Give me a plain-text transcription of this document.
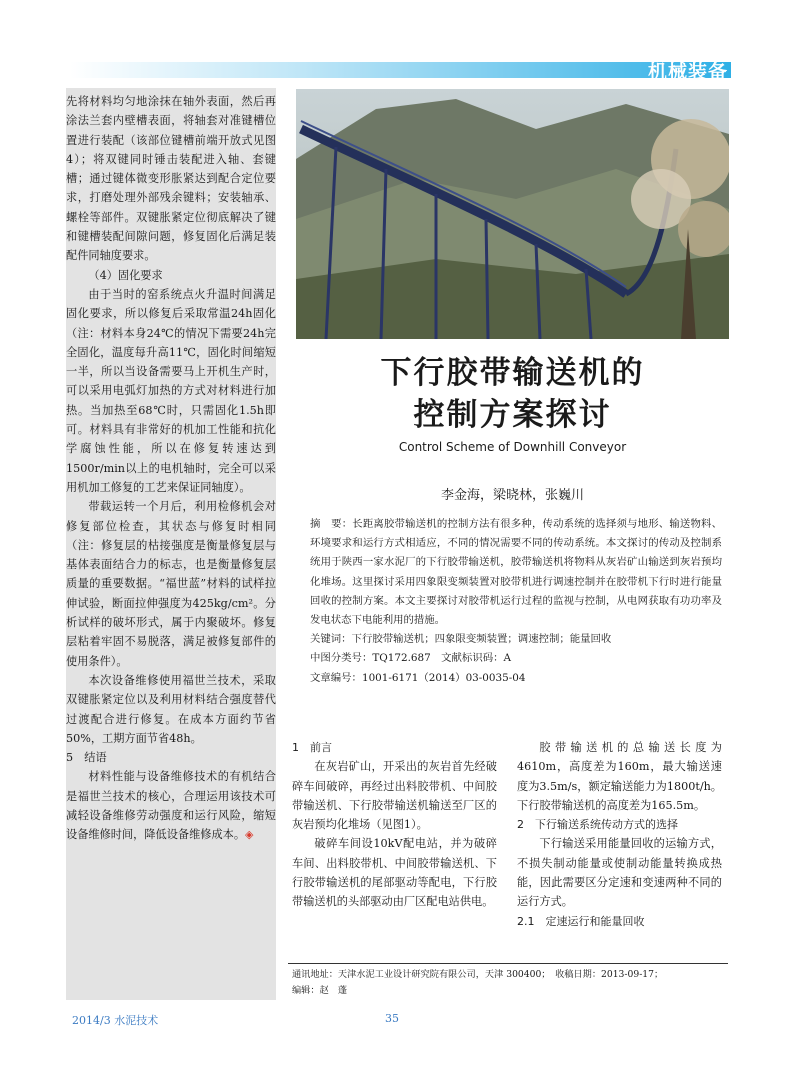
机械装备

先将材料均匀地涂抹在轴外表面，然后再涂法兰套内壁槽表面，将轴套对准键槽位置进行装配（该部位键槽前端开放式见图4）；将双键同时锤击装配进入轴、套键槽；通过键体微变形胀紧达到配合定位要求，打磨处理外部残余键料；安装轴承、螺栓等部件。双键胀紧定位彻底解决了键和键槽装配间隙问题，修复固化后满足装配件同轴度要求。

（4）固化要求

由于当时的窑系统点火升温时间满足固化要求，所以修复后采取常温24h固化（注：材料本身24℃的情况下需要24h完全固化，温度每升高11℃，固化时间缩短一半，所以当设备需要马上开机生产时，可以采用电弧灯加热的方式对材料进行加热。当加热至68℃时，只需固化1.5h即可。材料具有非常好的机加工性能和抗化学腐蚀性能，所以在修复转速达到1500r/min以上的电机轴时，完全可以采用机加工修复的工艺来保证同轴度）。

带载运转一个月后，利用检修机会对修复部位检查，其状态与修复时相同（注：修复层的枯接强度是衡量修复层与基体表面结合力的标志，也是衡量修复层质量的重要数据。“福世蓝”材料的试样拉伸试验，断面拉伸强度为425kg/cm²。分析试样的破坏形式，属于内聚破坏。修复层粘着牢固不易脱落，满足被修复部件的使用条件）。

本次设备维修使用福世兰技术，采取双键胀紧定位以及利用材料结合强度替代过渡配合进行修复。在成本方面约节省50%，工期方面节省48h。

5　结语

材料性能与设备维修技术的有机结合是福世兰技术的核心，合理运用该技术可减轻设备维修劳动强度和运行风险，缩短设备维修时间，降低设备维修成本。◈

下行胶带输送机的

控制方案探讨

Control Scheme of Downhill Conveyor
李金海，梁晓林，张巍川

摘　要：长距离胶带输送机的控制方法有很多种，传动系统的选择须与地形、输送物料、环境要求和运行方式相适应，不同的情况需要不同的传动系统。本文探讨的传动及控制系统用于陕西一家水泥厂的下行胶带输送机，胶带输送机将物料从灰岩矿山输送到灰岩预均化堆场。这里探讨采用四象限变频装置对胶带机进行调速控制并在胶带机下行时进行能量回收的控制方案。本文主要探讨对胶带机运行过程的监视与控制，从电网获取有功功率及发电状态下电能利用的措施。

关键词：下行胶带输送机；四象限变频装置；调速控制；能量回收

中图分类号：TQ172.687　文献标识码：A

文章编号：1001-6171（2014）03-0035-04

1　前言

在灰岩矿山，开采出的灰岩首先经破碎车间破碎，再经过出料胶带机、中间胶带输送机、下行胶带输送机输送至厂区的灰岩预均化堆场（见图1）。

破碎车间设10kV配电站，并为破碎车间、出料胶带机、中间胶带输送机、下行胶带输送机的尾部驱动等配电，下行胶带输送机的头部驱动由厂区配电站供电。

胶带输送机的总输送长度为4610m，高度差为160m，最大输送速度为3.5m/s，额定输送能力为1800t/h。下行胶带输送机的高度差为165.5m。

2　下行输送系统传动方式的选择

下行输送采用能量回收的运输方式，不损失制动能量或使制动能量转换成热能，因此需要区分定速和变速两种不同的运行方式。

2.1　定速运行和能量回收

通讯地址：天津水泥工业设计研究院有限公司，天津 300400；　收稿日期：2013-09-17；
编辑：赵　蓬
2014/3 水泥技术	35
